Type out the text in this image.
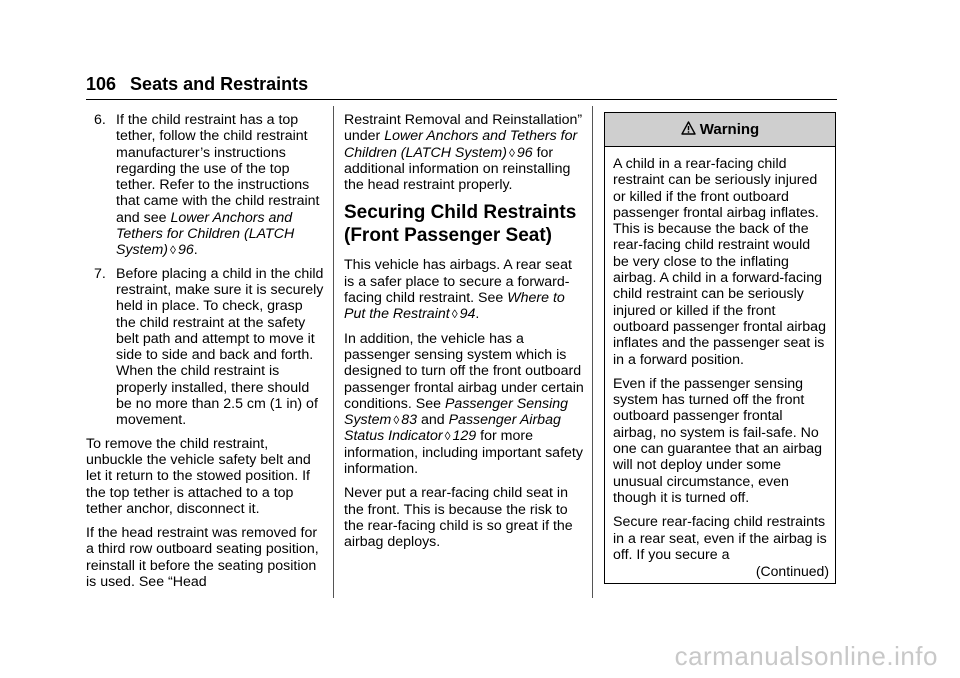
106 Seats and Restraints
6. If the child restraint has a top tether, follow the child restraint manufacturer’s instructions regarding the use of the top tether. Refer to the instructions that came with the child restraint and see Lower Anchors and Tethers for Children (LATCH System) ◊ 96.
7. Before placing a child in the child restraint, make sure it is securely held in place. To check, grasp the child restraint at the safety belt path and attempt to move it side to side and back and forth. When the child restraint is properly installed, there should be no more than 2.5 cm (1 in) of movement.

To remove the child restraint, unbuckle the vehicle safety belt and let it return to the stowed position. If the top tether is attached to a top tether anchor, disconnect it.

If the head restraint was removed for a third row outboard seating position, reinstall it before the seating position is used. See “Head

Restraint Removal and Reinstallation” under Lower Anchors and Tethers for Children (LATCH System) ◊ 96 for additional information on reinstalling the head restraint properly.

Securing Child Restraints (Front Passenger Seat)

This vehicle has airbags. A rear seat is a safer place to secure a forward-facing child restraint. See Where to Put the Restraint ◊ 94.

In addition, the vehicle has a passenger sensing system which is designed to turn off the front outboard passenger frontal airbag under certain conditions. See Passenger Sensing System ◊ 83 and Passenger Airbag Status Indicator ◊ 129 for more information, including important safety information.

Never put a rear-facing child seat in the front. This is because the risk to the rear-facing child is so great if the airbag deploys.

Warning

A child in a rear-facing child restraint can be seriously injured or killed if the front outboard passenger frontal airbag inflates. This is because the back of the rear-facing child restraint would be very close to the inflating airbag. A child in a forward-facing child restraint can be seriously injured or killed if the front outboard passenger frontal airbag inflates and the passenger seat is in a forward position.

Even if the passenger sensing system has turned off the front outboard passenger frontal airbag, no system is fail-safe. No one can guarantee that an airbag will not deploy under some unusual circumstance, even though it is turned off.

Secure rear-facing child restraints in a rear seat, even if the airbag is off. If you secure a

(Continued)
carmanualsonline.info
